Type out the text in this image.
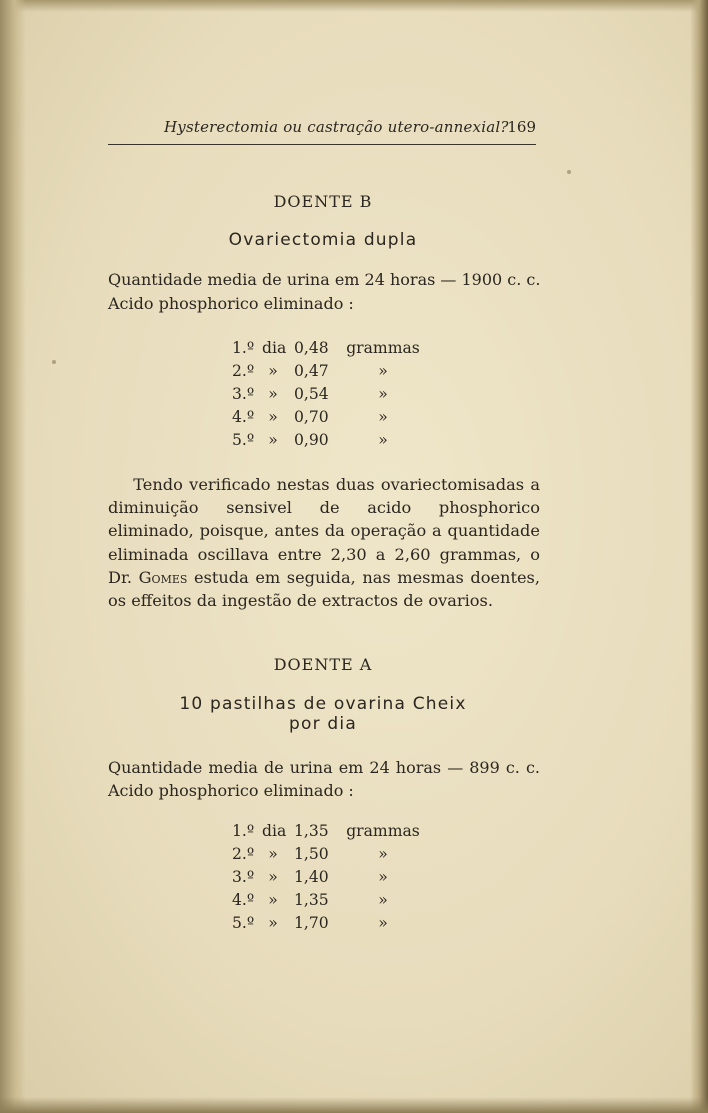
Hysterectomia ou castração utero-annexial?
169
DOENTE B
Ovariectomia dupla
Quantidade media de urina em 24 horas — 1900 c. c.
Acido phosphorico eliminado :
1.º dia 0,48 grammas
2.º »	0,47	»
3.º »	0,54	»
4.º »	0,70	»
5.º »	0,90	»

Tendo verificado nestas duas ovariectomisadas a diminuição sensivel de acido phosphorico eliminado, poisque, antes da operação a quantidade eliminada oscillava entre 2,30 a 2,60 grammas, o Dr. Gomes estuda em seguida, nas mesmas doentes, os effeitos da ingestão de extractos de ovarios.

DOENTE A
10 pastilhas de ovarina Cheix
por dia
Quantidade media de urina em 24 horas — 899 c. c.
Acido phosphorico eliminado :
1.º dia 1,35 grammas
2.º »	1,50	»
3.º »	1,40	»
4.º »	1,35	»
5.º »	1,70	»
